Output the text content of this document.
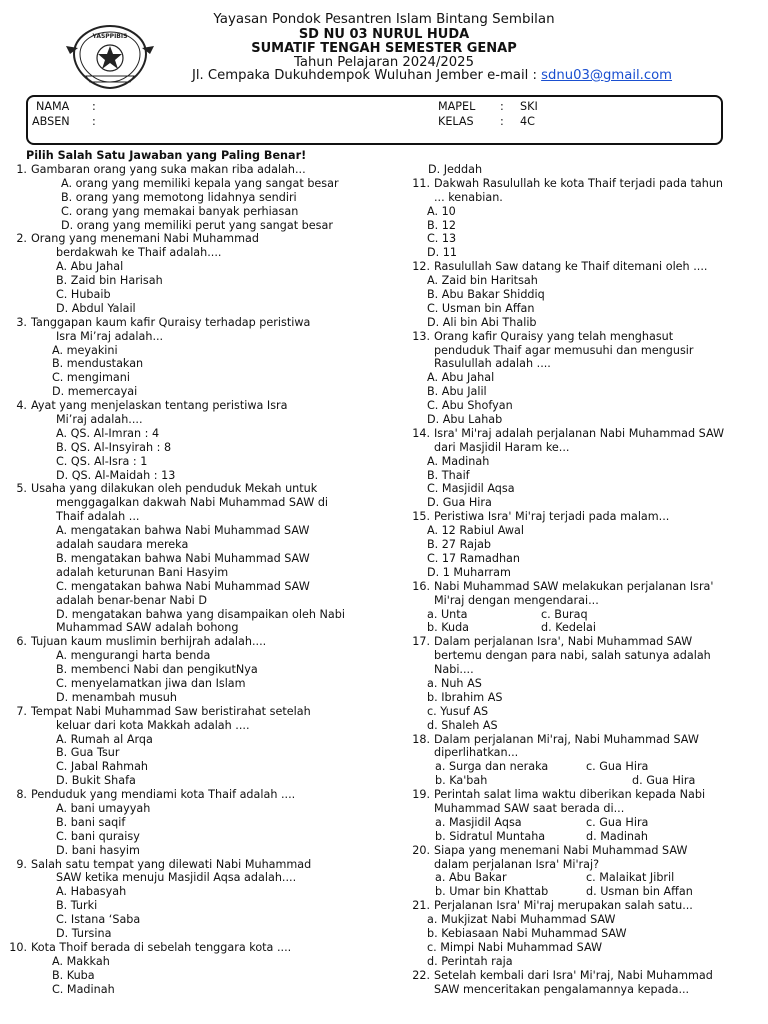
YASPPIBIS
Yayasan Pondok Pesantren Islam Bintang Sembilan
SD NU 03 NURUL HUDA
SUMATIF TENGAH SEMESTER GENAP
Tahun Pelajaran 2024/2025
Jl. Cempaka Dukuhdempok Wuluhan Jember e-mail : sdnu03@gmail.com
NAMA :
ABSEN :
MAPEL : SKI
KELAS : 4C
Pilih Salah Satu Jawaban yang Paling Benar!
1. Gambaran orang yang suka makan riba adalah...
A. orang yang memiliki kepala yang sangat besar
B. orang yang memotong lidahnya sendiri
C. orang yang memakai banyak perhiasan
D. orang yang memiliki perut yang sangat besar
2. Orang yang menemani Nabi Muhammad
berdakwah ke Thaif adalah....
A. Abu Jahal
B. Zaid bin Harisah
C. Hubaib
D. Abdul Yalail
3. Tanggapan kaum kafir Quraisy terhadap peristiwa
Isra Mi’raj adalah...
A. meyakini
B. mendustakan
C. mengimani
D. memercayai
4. Ayat yang menjelaskan tentang peristiwa Isra
Mi’raj adalah....
A. QS. Al-Imran : 4
B. QS. Al-Insyirah : 8
C. QS. Al-Isra : 1
D. QS. Al-Maidah : 13
5. Usaha yang dilakukan oleh penduduk Mekah untuk
menggagalkan dakwah Nabi Muhammad SAW di
Thaif adalah ...
A. mengatakan bahwa Nabi Muhammad SAW
adalah saudara mereka
B. mengatakan bahwa Nabi Muhammad SAW
adalah keturunan Bani Hasyim
C. mengatakan bahwa Nabi Muhammad SAW
adalah benar-benar Nabi D
D. mengatakan bahwa yang disampaikan oleh Nabi
Muhammad SAW adalah bohong
6. Tujuan kaum muslimin berhijrah adalah....
A. mengurangi harta benda
B. membenci Nabi dan pengikutNya
C. menyelamatkan jiwa dan Islam
D. menambah musuh
7. Tempat Nabi Muhammad Saw beristirahat setelah
keluar dari kota Makkah adalah ....
A. Rumah al Arqa
B. Gua Tsur
C. Jabal Rahmah
D. Bukit Shafa
8. Penduduk yang mendiami kota Thaif adalah ....
A. bani umayyah
B. bani saqif
C. bani quraisy
D. bani hasyim
9. Salah satu tempat yang dilewati Nabi Muhammad
SAW ketika menuju Masjidil Aqsa adalah....
A. Habasyah
B. Turki
C. Istana ‘Saba
D. Tursina
10. Kota Thoif berada di sebelah tenggara kota ....
A. Makkah
B. Kuba
C. Madinah
D. Jeddah
11. Dakwah Rasulullah ke kota Thaif terjadi pada tahun
... kenabian.
A. 10
B. 12
C. 13
D. 11
12. Rasulullah Saw datang ke Thaif ditemani oleh ....
A. Zaid bin Haritsah
B. Abu Bakar Shiddiq
C. Usman bin Affan
D. Ali bin Abi Thalib
13. Orang kafir Quraisy yang telah menghasut
penduduk Thaif agar memusuhi dan mengusir
Rasulullah adalah ....
A. Abu Jahal
B. Abu Jalil
C. Abu Shofyan
D. Abu Lahab
14. Isra' Mi'raj adalah perjalanan Nabi Muhammad SAW
dari Masjidil Haram ke...
A. Madinah
B. Thaif
C. Masjidil Aqsa
D. Gua Hira
15. Peristiwa Isra' Mi'raj terjadi pada malam...
A. 12 Rabiul Awal
B. 27 Rajab
C. 17 Ramadhan
D. 1 Muharram
16. Nabi Muhammad SAW melakukan perjalanan Isra'
Mi'raj dengan mengendarai...
a. Unta	c. Buraq
b. Kuda	d. Kedelai
17. Dalam perjalanan Isra', Nabi Muhammad SAW
bertemu dengan para nabi, salah satunya adalah
Nabi....
a. Nuh AS
b. Ibrahim AS
c. Yusuf AS
d. Shaleh AS
18. Dalam perjalanan Mi'raj, Nabi Muhammad SAW
diperlihatkan...
a. Surga dan neraka	c. Gua Hira
b. Ka'bah	d. Gua Hira
19. Perintah salat lima waktu diberikan kepada Nabi
Muhammad SAW saat berada di...
a. Masjidil Aqsa	c. Gua Hira
b. Sidratul Muntaha	d. Madinah
20. Siapa yang menemani Nabi Muhammad SAW
dalam perjalanan Isra' Mi'raj?
a. Abu Bakar	c. Malaikat Jibril
b. Umar bin Khattab	d. Usman bin Affan
21. Perjalanan Isra' Mi'raj merupakan salah satu...
a. Mukjizat Nabi Muhammad SAW
b. Kebiasaan Nabi Muhammad SAW
c. Mimpi Nabi Muhammad SAW
d. Perintah raja
22. Setelah kembali dari Isra' Mi'raj, Nabi Muhammad
SAW menceritakan pengalamannya kepada...
